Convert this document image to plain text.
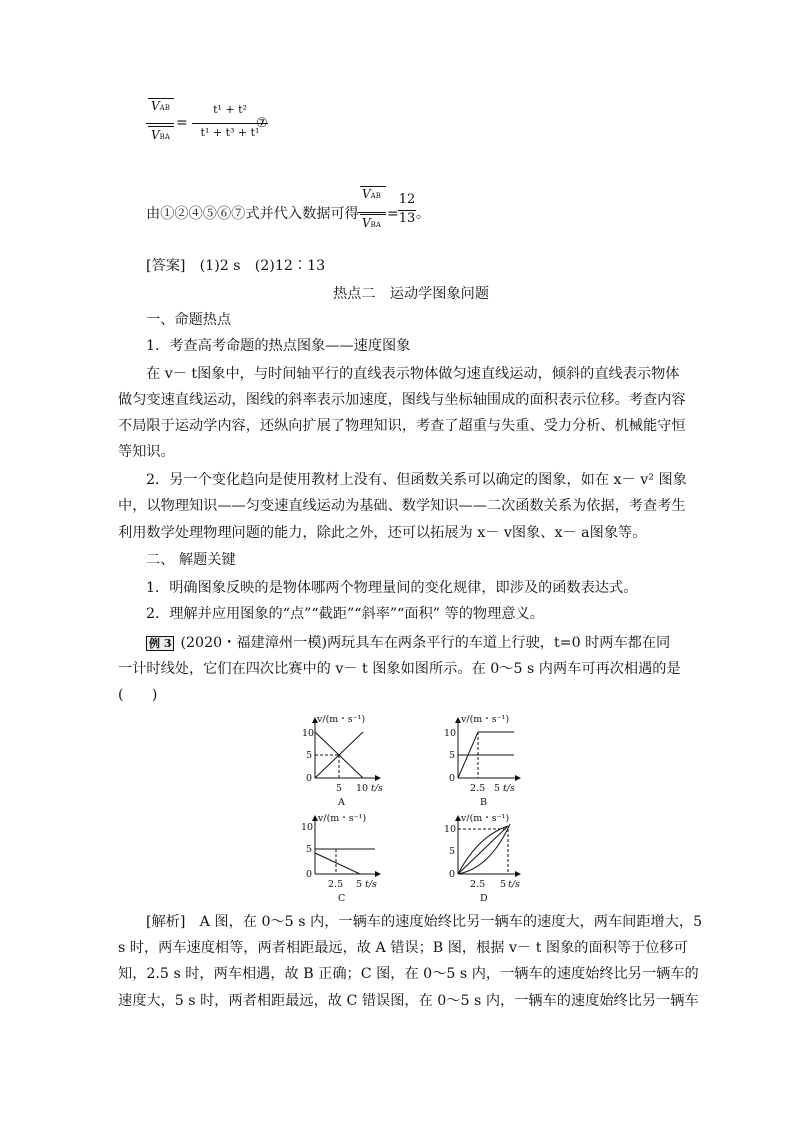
VAB
VBA
=
t¹ + t²
t¹ + t³ + t¹
⑦
由①②④⑤⑥⑦式并代入数据可得
VAB
VBA
=
12
13 。
[答案]　(1)2 s　(2)12∶13
热点二　运动学图象问题
一、命题热点
1．考查高考命题的热点图象——速度图象
在 v－ t图象中，与时间轴平行的直线表示物体做匀速直线运动，倾斜的直线表示物体
做匀变速直线运动，图线的斜率表示加速度，图线与坐标轴围成的面积表示位移。考查内容
不局限于运动学内容，还纵向扩展了物理知识，考查了超重与失重、受力分析、机械能守恒
等知识。
2．另一个变化趋向是使用教材上没有、但函数关系可以确定的图象，如在 x－ v² 图象
中，以物理知识——匀变速直线运动为基础、数学知识——二次函数关系为依据，考查考生
利用数学处理物理问题的能力，除此之外，还可以拓展为 x－ v图象、x－ a图象等。
二、 解题关键
1．明确图象反映的是物体哪两个物理量间的变化规律，即涉及的函数表达式。
2．理解并应用图象的“点”“截距”“斜率”“面积” 等的物理意义。
例 3 (2020・福建漳州一模)两玩具车在两条平行的车道上行驶，t=0 时两车都在同
一计时线处，它们在四次比赛中的 v－ t 图象如图所示。在 0～5 s 内两车可再次相遇的是
(　　)
v/(m・s⁻¹)
10
5
0
5 10 t/s
A
v/(m・s⁻¹)
10
5
0
2.5 5 t/s
B
v/(m・s⁻¹)
10
5
0
2.5 5 t/s
C
v/(m・s⁻¹)
10
5
0
2.5 5 t/s
D
[解析]　A 图，在 0～5 s 内，一辆车的速度始终比另一辆车的速度大，两车间距增大，5
s 时，两车速度相等，两者相距最远，故 A 错误；B 图，根据 v－ t 图象的面积等于位移可
知，2.5 s 时，两车相遇，故 B 正确；C 图，在 0～5 s 内，一辆车的速度始终比另一辆车的
速度大，5 s 时，两者相距最远，故 C 错误图，在 0～5 s 内，一辆车的速度始终比另一辆车
